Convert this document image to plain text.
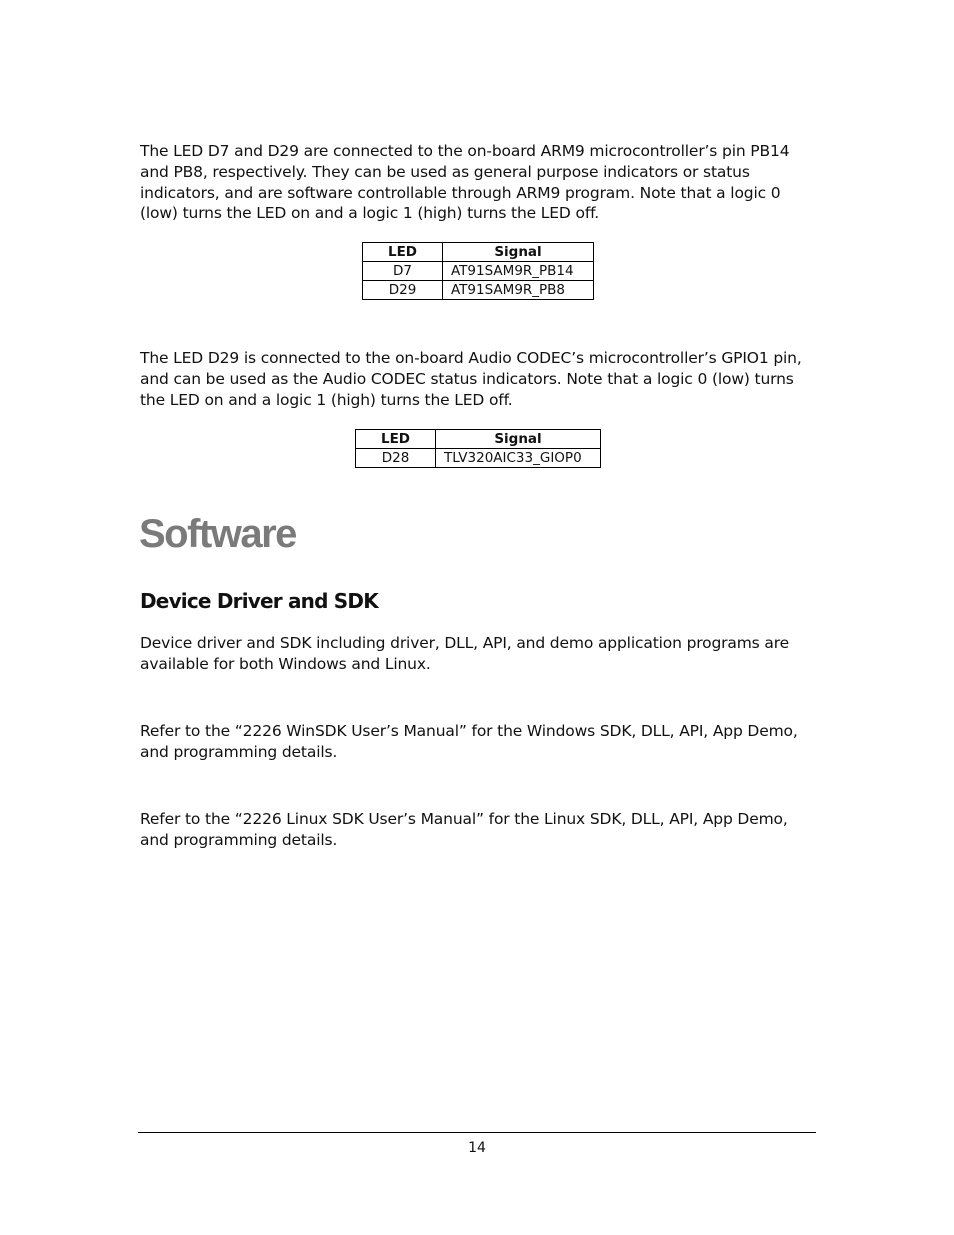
The LED D7 and D29 are connected to the on-board ARM9 microcontroller’s pin PB14 and PB8, respectively. They can be used as general purpose indicators or status indicators, and are software controllable through ARM9 program. Note that a logic 0 (low) turns the LED on and a logic 1 (high) turns the LED off.

LED	Signal
D7	AT91SAM9R_PB14
D29	AT91SAM9R_PB8

The LED D29 is connected to the on-board Audio CODEC’s microcontroller’s GPIO1 pin, and can be used as the Audio CODEC status indicators. Note that a logic 0 (low) turns the LED on and a logic 1 (high) turns the LED off.

LED	Signal
D28	TLV320AIC33_GIOP0
Software
Device Driver and SDK

Device driver and SDK including driver, DLL, API, and demo application programs are available for both Windows and Linux.

Refer to the “2226 WinSDK User’s Manual” for the Windows SDK, DLL, API, App Demo, and programming details.

Refer to the “2226 Linux SDK User’s Manual” for the Linux SDK, DLL, API, App Demo, and programming details.

14
